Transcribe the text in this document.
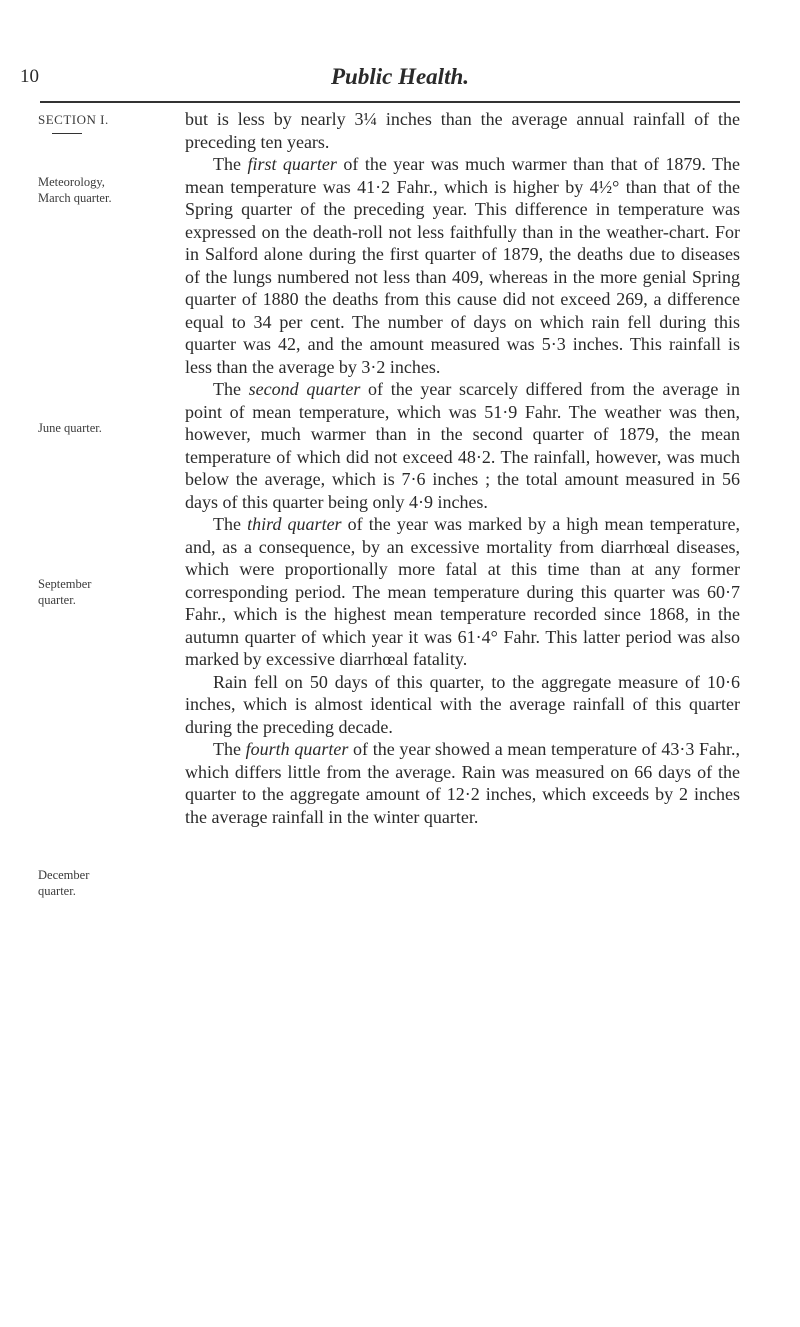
10	Public Health.
SECTION I.
Meteorology,
March quarter.
June quarter.
September
quarter.
December
quarter.

but is less by nearly 3¼ inches than the average annual rainfall of the preceding ten years.

The first quarter of the year was much warmer than that of 1879. The mean temperature was 41·2 Fahr., which is higher by 4½° than that of the Spring quarter of the preceding year. This difference in temperature was expressed on the death-roll not less faithfully than in the weather-chart. For in Salford alone during the first quarter of 1879, the deaths due to diseases of the lungs numbered not less than 409, whereas in the more genial Spring quarter of 1880 the deaths from this cause did not exceed 269, a difference equal to 34 per cent. The number of days on which rain fell during this quarter was 42, and the amount measured was 5·3 inches. This rainfall is less than the average by 3·2 inches.

The second quarter of the year scarcely differed from the average in point of mean temperature, which was 51·9 Fahr. The weather was then, however, much warmer than in the second quarter of 1879, the mean temperature of which did not exceed 48·2. The rainfall, however, was much below the average, which is 7·6 inches ; the total amount measured in 56 days of this quarter being only 4·9 inches.

The third quarter of the year was marked by a high mean temperature, and, as a consequence, by an excessive mortality from diarrhœal diseases, which were proportionally more fatal at this time than at any former corresponding period. The mean temperature during this quarter was 60·7 Fahr., which is the highest mean temperature recorded since 1868, in the autumn quarter of which year it was 61·4° Fahr. This latter period was also marked by excessive diarrhœal fatality.

Rain fell on 50 days of this quarter, to the aggregate measure of 10·6 inches, which is almost identical with the average rainfall of this quarter during the preceding decade.

The fourth quarter of the year showed a mean temperature of 43·3 Fahr., which differs little from the average. Rain was measured on 66 days of the quarter to the aggregate amount of 12·2 inches, which exceeds by 2 inches the average rainfall in the winter quarter.
